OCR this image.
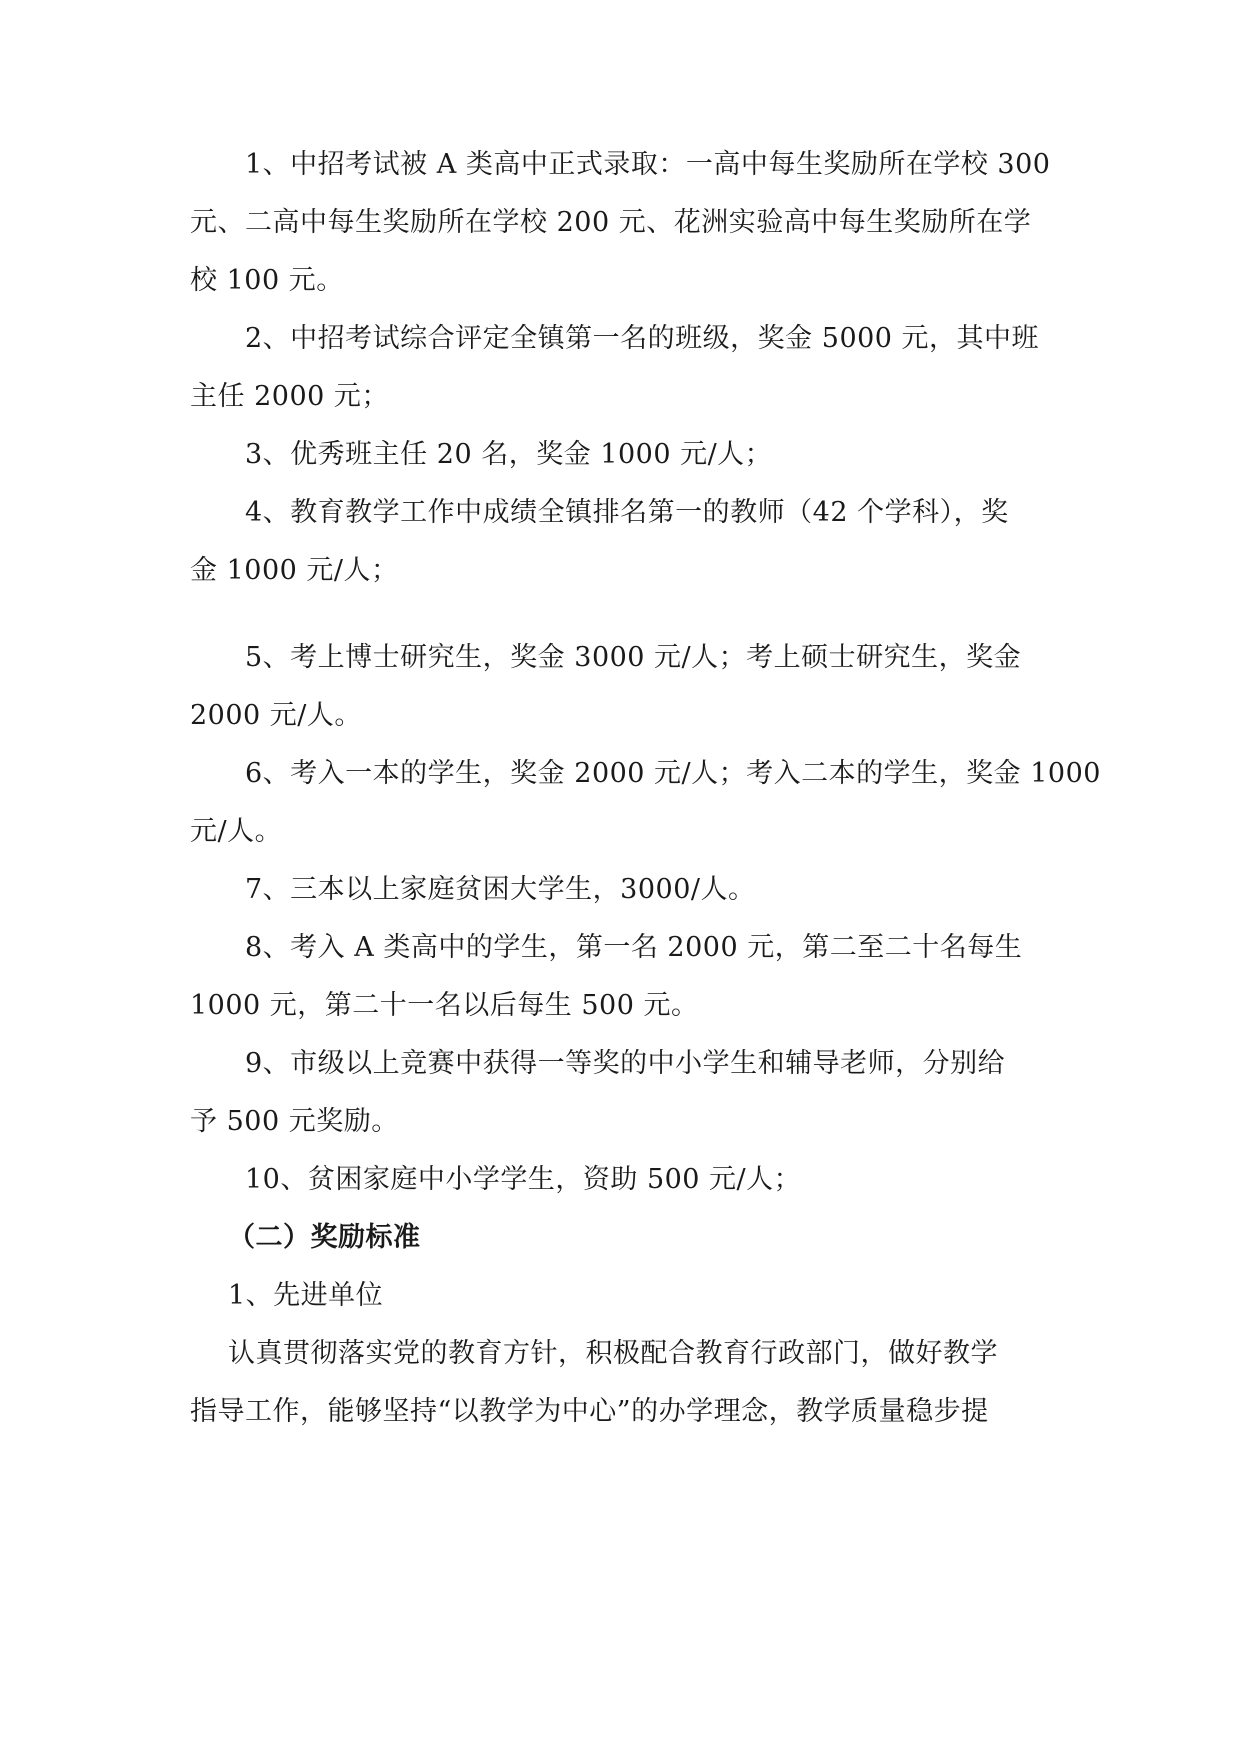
1、中招考试被 A 类高中正式录取：一高中每生奖励所在学校 300
元、二高中每生奖励所在学校 200 元、花洲实验高中每生奖励所在学
校 100 元。
2、中招考试综合评定全镇第一名的班级，奖金 5000 元，其中班
主任 2000 元；
3、优秀班主任 20 名，奖金 1000 元/人；
4、教育教学工作中成绩全镇排名第一的教师（42 个学科），奖
金 1000 元/人；
5、考上博士研究生，奖金 3000 元/人；考上硕士研究生，奖金
2000 元/人。
6、考入一本的学生，奖金 2000 元/人；考入二本的学生，奖金 1000
元/人。
7、三本以上家庭贫困大学生，3000/人。
8、考入 A 类高中的学生，第一名 2000 元，第二至二十名每生
1000 元，第二十一名以后每生 500 元。
9、市级以上竞赛中获得一等奖的中小学生和辅导老师，分别给
予 500 元奖励。
10、贫困家庭中小学学生，资助 500 元/人；
（二）奖励标准
1、先进单位
认真贯彻落实党的教育方针，积极配合教育行政部门，做好教学
指导工作，能够坚持“以教学为中心”的办学理念，教学质量稳步提
